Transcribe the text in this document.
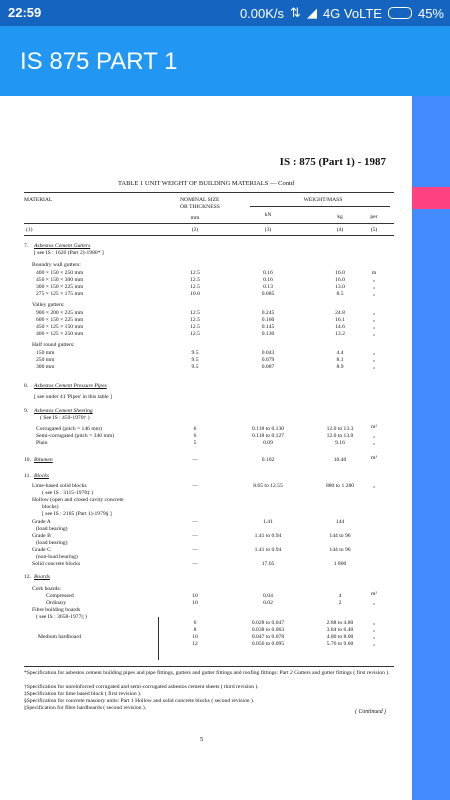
22:59	0.00K/s ⇅ ◢ 4G VoLTE	45%
IS 875 PART 1
IS : 875 (Part 1) - 1987
TABLE 1 UNIT WEIGHT OF BUILDING MATERIALS — Contd
MATERIAL	NOMINAL SIZE
OR THICKNESS
WEIGHT/MASS
mm	kN	kg	per
(1)	(2)	(3)	(4)	(5)
7. Asbestos Cement Gutters
[ see IS : 1626 (Part 2)-1980* ]
Boundry wall gutters:
400 × 150 × 250 mm	12.5	0.16	16.0	m
450 × 150 × 300 mm	12.5	0.16	16.0	„
300 × 150 × 225 mm	12.5	0.13	13.0	„
275 × 125 × 175 mm	10.0	0.085	8.5	„
Valley gutters:
900 × 200 × 225 mm	12.5	0.245	24.8	„
600 × 150 × 225 mm	12.5	0.160	16.1	„
450 × 125 × 150 mm	12.5	0.145	14.6	„
400 × 125 × 250 mm	12.5	0.130	13.2	„
Half round gutters:
150 mm	9.5	0.043	4.4	„
250 mm	9.5	0.079	8.1	„
300 mm	9.5	0.087	8.9	„
8. Asbestos Cement Pressure Pipes
[ see under 41 'Pipes' in this table ]
9. Asbestos Cement Sheeting
( See IS : 459-1970† )
Corrugated (pitch = 146 mm)	6	0.118 to 0.130	12.0 to 13.3	m²
Semi-corrugated (pitch = 340 mm)	6	0.118 to 0.127	12.0 to 13.0	„
Plain	5	0.09	9.16	„
10. Bitumen	—	0.102	10.40	m³
11. Blocks
Lime-based solid blocks
( see IS : 3115-1978‡ )
—	8.65 to 12.55	880 to 1 280	„
Hollow (open and closed cavity concrete
blocks)
[ see IS : 2185 (Part 1)-1979§ ]
Grade A
(load bearing)
—	1.41	144
Grade B
(load bearing)
—	1.41 to 0.94	144 to 96
Grade C
(non-load bearing)
—	1.41 to 0.94	144 to 96
Solid concrete blocks	—	17.65	1 800
12. Boards
Cork boards:
Compressed	10	0.04	4	m²
Ordinary	10	0.02	2	„
Fibre building boards
( see IS : 3658-1977|| )
Medium hardboard
6	0.028 to 0.047	2.88 to 4.80	„
8	0.038 to 0.063	3.84 to 6.40	„
10	0.047 to 0.078	4.80 to 8.00	„
12	0.056 to 0.095	5.76 to 9.60	„
*Specification for asbestos cement building pipes and pipe fittings, gutters and gutter fittings and roofing fittings: Part 2 Gutters and gutter fittings ( first revision ).
†Specification for unreinforced corrugated and semi-corrugated asbestos cement sheets ( third revision ).
‡Specification for lime based block ( first revision ).
§Specification for concrete masonry units: Part 1 Hollow and solid concrete blocks ( second revision ).
||Specification for fibre hardboards ( second revision ).
( Continued )
5
